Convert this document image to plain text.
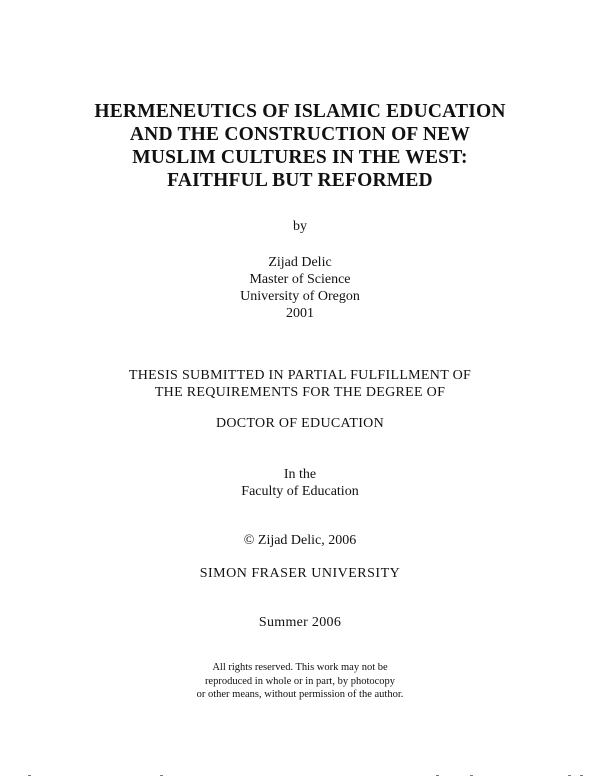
HERMENEUTICS OF ISLAMIC EDUCATION
AND THE CONSTRUCTION OF NEW
MUSLIM CULTURES IN THE WEST:
FAITHFUL BUT REFORMED
by
Zijad Delic
Master of Science
University of Oregon
2001
THESIS SUBMITTED IN PARTIAL FULFILLMENT OF
THE REQUIREMENTS FOR THE DEGREE OF
DOCTOR OF EDUCATION
In the
Faculty of Education
© Zijad Delic, 2006
SIMON FRASER UNIVERSITY
Summer 2006
All rights reserved. This work may not be
reproduced in whole or in part, by photocopy
or other means, without permission of the author.
